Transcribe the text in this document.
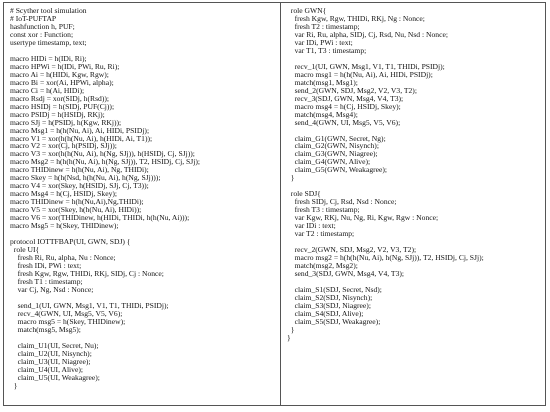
# Scyther tool simulation
# IoT-PUFTAP
hashfunction h, PUF;
const xor : Function;
usertype timestamp, text;
macro HIDi = h(IDi, Ri);
macro HPWi = h(IDi, PWi, Ru, Ri);
macro Ai = h(HIDi, Kgw, Rgw);
macro Bi = xor(Ai, HPWi, alpha);
macro Ci = h(Ai, HIDi);
macro Rsdj = xor(SIDj, h(Rsd));
macro HSIDj = h(SIDj, PUF(Cj));
macro PSIDj = h(HSIDj, RKj);
macro SJj = h(PSIDj, h(Kgw, RKj));
macro Msg1 = h(h(Nu, Ai), Ai, HIDi, PSIDj);
macro V1 = xor(h(h(Nu, Ai), h(HIDi, Ai, T1));
macro V2 = xor(Cj, h(PSIDj, SJj));
macro V3 = xor(h(h(Nu, Ai), h(Ng, SJj)), h(HSIDj, Cj, SJj));
macro Msg2 = h(h(h(Nu, Ai), h(Ng, SJj)), T2, HSIDj, Cj, SJj);
macro THIDinew = h(h(Nu, Ai), Ng, THIDi);
macro Skey = h(h(Nsd, h(h(Nu, Ai), h(Ng, SJj)));
macro V4 = xor(Skey, h(HSIDj, SJj, Cj, T3));
macro Msg4 = h(Cj, HSIDj, Skey);
macro THIDinew = h(h(Nu,Ai),Ng,THIDi);
macro V5 = xor(Skey, h(h(Nu, Ai), HIDi));
macro V6 = xor(THIDinew, h(HIDi, THIDi, h(h(Nu, Ai)));
macro Msg5 = h(Skey, THIDinew);
protocol IOTTFBAP(UI, GWN, SDJ) {
role UI{
fresh Ri, Ru, alpha, Nu : Nonce;
fresh IDi, PWi : text;
fresh Kgw, Rgw, THIDi, RKj, SIDj, Cj : Nonce;
fresh T1 : timestamp;
var Cj, Ng, Nsd : Nonce;
send_1(UI, GWN, Msg1, V1, T1, THIDi, PSIDj);
recv_4(GWN, UI, Msg5, V5, V6);
macro msg5 = h(Skey, THIDinew);
match(msg5, Msg5);
claim_U1(UI, Secret, Nu);
claim_U2(UI, Nisynch);
claim_U3(UI, Niagree);
claim_U4(UI, Alive);
claim_U5(UI, Weakagree);
}
role GWN{
fresh Kgw, Rgw, THIDi, RKj, Ng : Nonce;
fresh T2 : timestamp;
var Ri, Ru, alpha, SIDj, Cj, Rsd, Nu, Nsd : Nonce;
var IDi, PWi : text;
var T1, T3 : timestamp;
recv_1(UI, GWN, Msg1, V1, T1, THIDi, PSIDj);
macro msg1 = h(h(Nu, Ai), Ai, HIDi, PSIDj);
match(msg1, Msg1);
send_2(GWN, SDJ, Msg2, V2, V3, T2);
recv_3(SDJ, GWN, Msg4, V4, T3);
macro msg4 = h(Cj, HSIDj, Skey);
match(msg4, Msg4);
send_4(GWN, UI, Msg5, V5, V6);
claim_G1(GWN, Secret, Ng);
claim_G2(GWN, Nisynch);
claim_G3(GWN, Niagree);
claim_G4(GWN, Alive);
claim_G5(GWN, Weakagree);
}
role SDJ{
fresh SIDj, Cj, Rsd, Nsd : Nonce;
fresh T3 : timestamp;
var Kgw, RKj, Nu, Ng, Ri, Kgw, Rgw : Nonce;
var IDi : text;
var T2 : timestamp;
recv_2(GWN, SDJ, Msg2, V2, V3, T2);
macro msg2 = h(h(h(Nu, Ai), h(Ng, SJj)), T2, HSIDj, Cj, SJj);
match(msg2, Msg2);
send_3(SDJ, GWN, Msg4, V4, T3);
claim_S1(SDJ, Secret, Nsd);
claim_S2(SDJ, Nisynch);
claim_S3(SDJ, Niagree);
claim_S4(SDJ, Alive);
claim_S5(SDJ, Weakagree);
}
}
